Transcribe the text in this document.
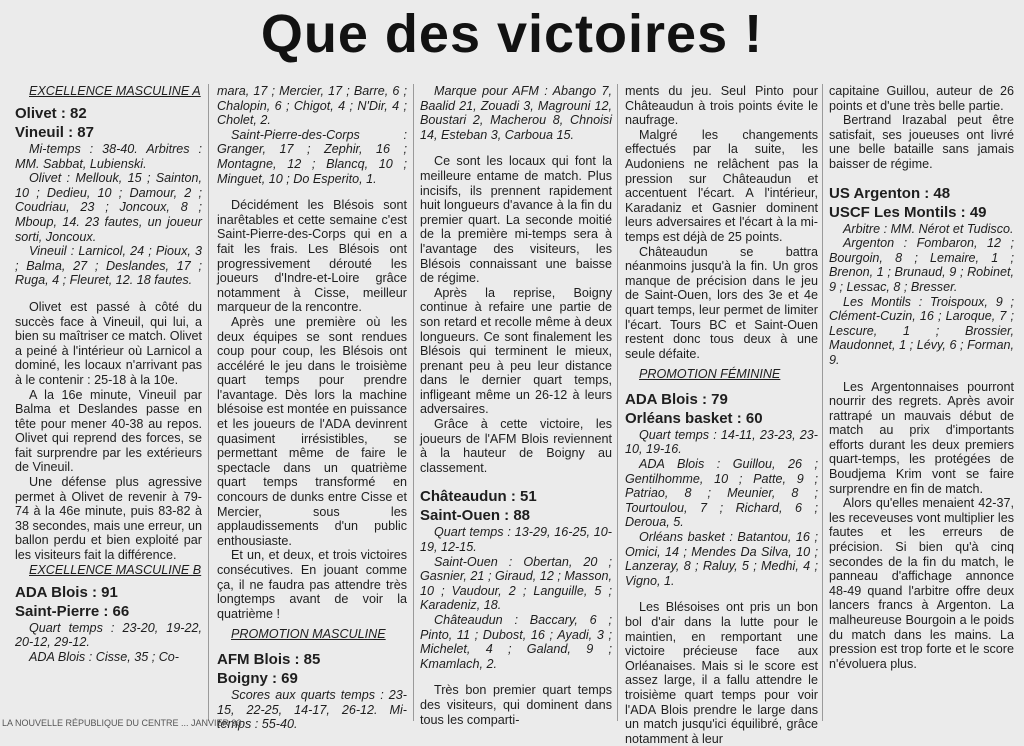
Que des victoires !

EXCELLENCE MASCULINE A

Olivet : 82

Vineuil : 87

Mi-temps : 38-40. Arbitres : MM. Sabbat, Lubienski.

Olivet : Mellouk, 15 ; Sainton, 10 ; Dedieu, 10 ; Damour, 2 ; Coudriau, 23 ; Joncoux, 8 ; Mboup, 14. 23 fautes, un joueur sorti, Joncoux.

Vineuil : Larnicol, 24 ; Pioux, 3 ; Balma, 27 ; Deslandes, 17 ; Ruga, 4 ; Fleuret, 12. 18 fautes.

Olivet est passé à côté du succès face à Vineuil, qui lui, a bien su maîtriser ce match. Olivet a peiné à l'intérieur où Larnicol a dominé, les locaux n'arrivant pas à le contenir : 25-18 à la 10e.

A la 16e minute, Vineuil par Balma et Deslandes passe en tête pour mener 40-38 au repos. Olivet qui reprend des forces, se fait surprendre par les extérieurs de Vineuil.

Une défense plus agressive permet à Olivet de revenir à 79-74 à la 46e minute, puis 83-82 à 38 secondes, mais une erreur, un ballon perdu et bien exploité par les visiteurs fait la différence.

EXCELLENCE MASCULINE B

ADA Blois : 91

Saint-Pierre : 66

Quart temps : 23-20, 19-22, 20-12, 29-12.

ADA Blois : Cisse, 35 ; Co-

mara, 17 ; Mercier, 17 ; Barre, 6 ; Chalopin, 6 ; Chigot, 4 ; N'Dir, 4 ; Cholet, 2.

Saint-Pierre-des-Corps : Granger, 17 ; Zephir, 16 ; Montagne, 12 ; Blancq, 10 ; Minguet, 10 ; Do Esperito, 1.

Décidément les Blésois sont inarêtables et cette semaine c'est Saint-Pierre-des-Corps qui en a fait les frais. Les Blésois ont progressivement dérouté les joueurs d'Indre-et-Loire grâce notamment à Cisse, meilleur marqueur de la rencontre.

Après une première où les deux équipes se sont rendues coup pour coup, les Blésois ont accéléré le jeu dans le troisième quart temps pour prendre l'avantage. Dès lors la machine blésoise est montée en puissance et les joueurs de l'ADA devinrent quasiment irrésistibles, se permettant même de faire le spectacle dans un quatrième quart temps transformé en concours de dunks entre Cisse et Mercier, sous les applaudissements d'un public enthousiaste.

Et un, et deux, et trois victoires consécutives. En jouant comme ça, il ne faudra pas attendre très longtemps avant de voir la quatrième !

PROMOTION MASCULINE

AFM Blois : 85

Boigny : 69

Scores aux quarts temps : 23-15, 22-25, 14-17, 26-12. Mi-temps : 55-40.

Marque pour AFM : Abango 7, Baalid 21, Zouadi 3, Magrouni 12, Boustari 2, Macherou 8, Chnoisi 14, Esteban 3, Carboua 15.

Ce sont les locaux qui font la meilleure entame de match. Plus incisifs, ils prennent rapidement huit longueurs d'avance à la fin du premier quart. La seconde moitié de la première mi-temps sera à l'avantage des visiteurs, les Blésois connaissant une baisse de régime.

Après la reprise, Boigny continue à refaire une partie de son retard et recolle même à deux longueurs. Ce sont finalement les Blésois qui terminent le mieux, prenant peu à peu leur distance dans le dernier quart temps, infligeant même un 26-12 à leurs adversaires.

Grâce à cette victoire, les joueurs de l'AFM Blois reviennent à la hauteur de Boigny au classement.

Châteaudun : 51

Saint-Ouen : 88

Quart temps : 13-29, 16-25, 10-19, 12-15.

Saint-Ouen : Obertan, 20 ; Gasnier, 21 ; Giraud, 12 ; Masson, 10 ; Vaudour, 2 ; Languille, 5 ; Karadeniz, 18.

Châteaudun : Baccary, 6 ; Pinto, 11 ; Dubost, 16 ; Ayadi, 3 ; Michelet, 4 ; Galand, 9 ; Kmamlach, 2.

Très bon premier quart temps des visiteurs, qui dominent dans tous les comparti-

ments du jeu. Seul Pinto pour Châteaudun à trois points évite le naufrage.

Malgré les changements effectués par la suite, les Audoniens ne relâchent pas la pression sur Châteaudun et accentuent l'écart. A l'intérieur, Karadaniz et Gasnier dominent leurs adversaires et l'écart à la mi-temps est déjà de 25 points.

Châteaudun se battra néanmoins jusqu'à la fin. Un gros manque de précision dans le jeu de Saint-Ouen, lors des 3e et 4e quart temps, leur permet de limiter l'écart. Tours BC et Saint-Ouen restent donc tous deux à une seule défaite.

PROMOTION FÉMININE

ADA Blois : 79

Orléans basket : 60

Quart temps : 14-11, 23-23, 23-10, 19-16.

ADA Blois : Guillou, 26 ; Gentilhomme, 10 ; Patte, 9 ; Patriao, 8 ; Meunier, 8 ; Tourtoulou, 7 ; Richard, 6 ; Deroua, 5.

Orléans basket : Batantou, 16 ; Omici, 14 ; Mendes Da Silva, 10 ; Lanzeray, 8 ; Raluy, 5 ; Medhi, 4 ; Vigno, 1.

Les Blésoises ont pris un bon bol d'air dans la lutte pour le maintien, en remportant une victoire précieuse face aux Orléanaises. Mais si le score est assez large, il a fallu attendre le troisième quart temps pour voir l'ADA Blois prendre le large dans un match jusqu'ici équilibré, grâce notamment à leur

capitaine Guillou, auteur de 26 points et d'une très belle partie.

Bertrand Irazabal peut être satisfait, ses joueuses ont livré une belle bataille sans jamais baisser de régime.

US Argenton : 48

USCF Les Montils : 49

Arbitre : MM. Nérot et Tudisco.

Argenton : Fombaron, 12 ; Bourgoin, 8 ; Lemaire, 1 ; Brenon, 1 ; Brunaud, 9 ; Robinet, 9 ; Lessac, 8 ; Bresser.

Les Montils : Troispoux, 9 ; Clément-Cuzin, 16 ; Laroque, 7 ; Lescure, 1 ; Brossier, Maudonnet, 1 ; Lévy, 6 ; Forman, 9.

Les Argentonnaises pourront nourrir des regrets. Après avoir rattrapé un mauvais début de match au prix d'importants efforts durant les deux premiers quart-temps, les protégées de Boudjema Krim vont se faire surprendre en fin de match.

Alors qu'elles menaient 42-37, les receveuses vont multiplier les fautes et les erreurs de précision. Si bien qu'à cinq secondes de la fin du match, le panneau d'affichage annonce 48-49 quand l'arbitre offre deux lancers francs à Argenton. La malheureuse Bourgoin a le poids du match dans les mains. La pression est trop forte et le score n'évoluera plus.

LA NOUVELLE RÉPUBLIQUE DU CENTRE ... JANVIER 93
